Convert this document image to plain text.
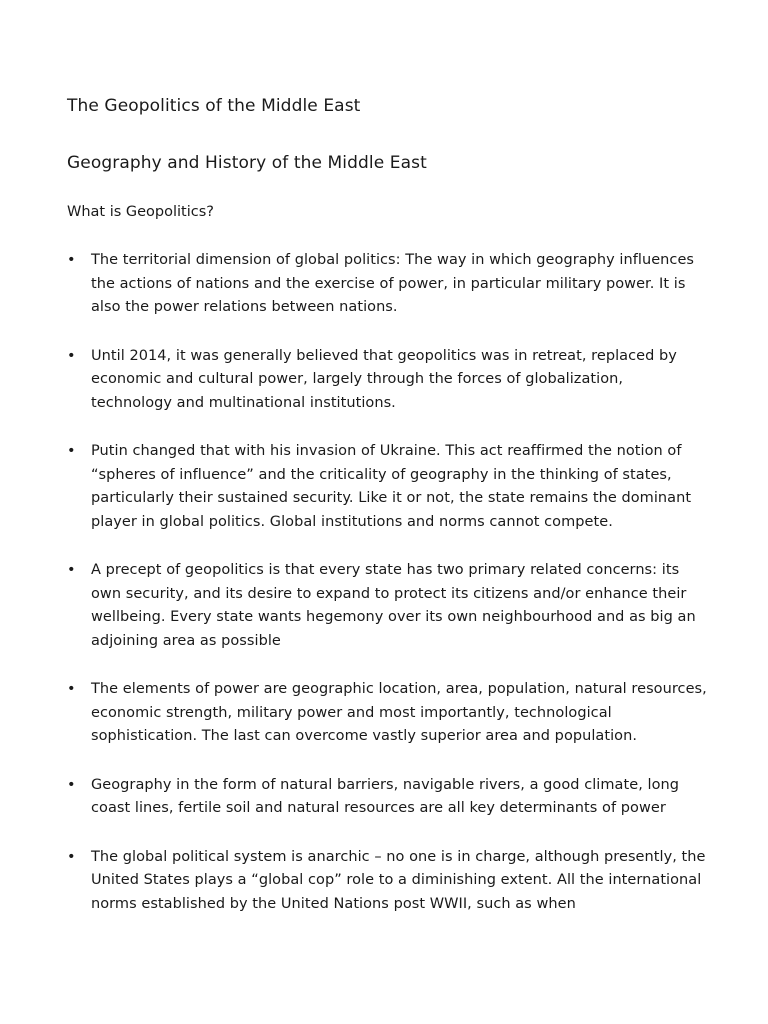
The Geopolitics of the Middle East
Geography and History of the Middle East
What is Geopolitics?
• The territorial dimension of global politics: The way in which geography influences the actions of nations and the exercise of power, in particular military power. It is also the power relations between nations.
• Until 2014, it was generally believed that geopolitics was in retreat, replaced by economic and cultural power, largely through the forces of globalization, technology and multinational institutions.
• Putin changed that with his invasion of Ukraine. This act reaffirmed the notion of “spheres of influence” and the criticality of geography in the thinking of states, particularly their sustained security. Like it or not, the state remains the dominant player in global politics. Global institutions and norms cannot compete.
• A precept of geopolitics is that every state has two primary related concerns: its own security, and its desire to expand to protect its citizens and/or enhance their wellbeing. Every state wants hegemony over its own neighbourhood and as big an adjoining area as possible
• The elements of power are geographic location, area, population, natural resources, economic strength, military power and most importantly, technological sophistication. The last can overcome vastly superior area and population.
• Geography in the form of natural barriers, navigable rivers, a good climate, long coast lines, fertile soil and natural resources are all key determinants of power
• The global political system is anarchic – no one is in charge, although presently, the United States plays a “global cop” role to a diminishing extent. All the international norms established by the United Nations post WWII, such as when
